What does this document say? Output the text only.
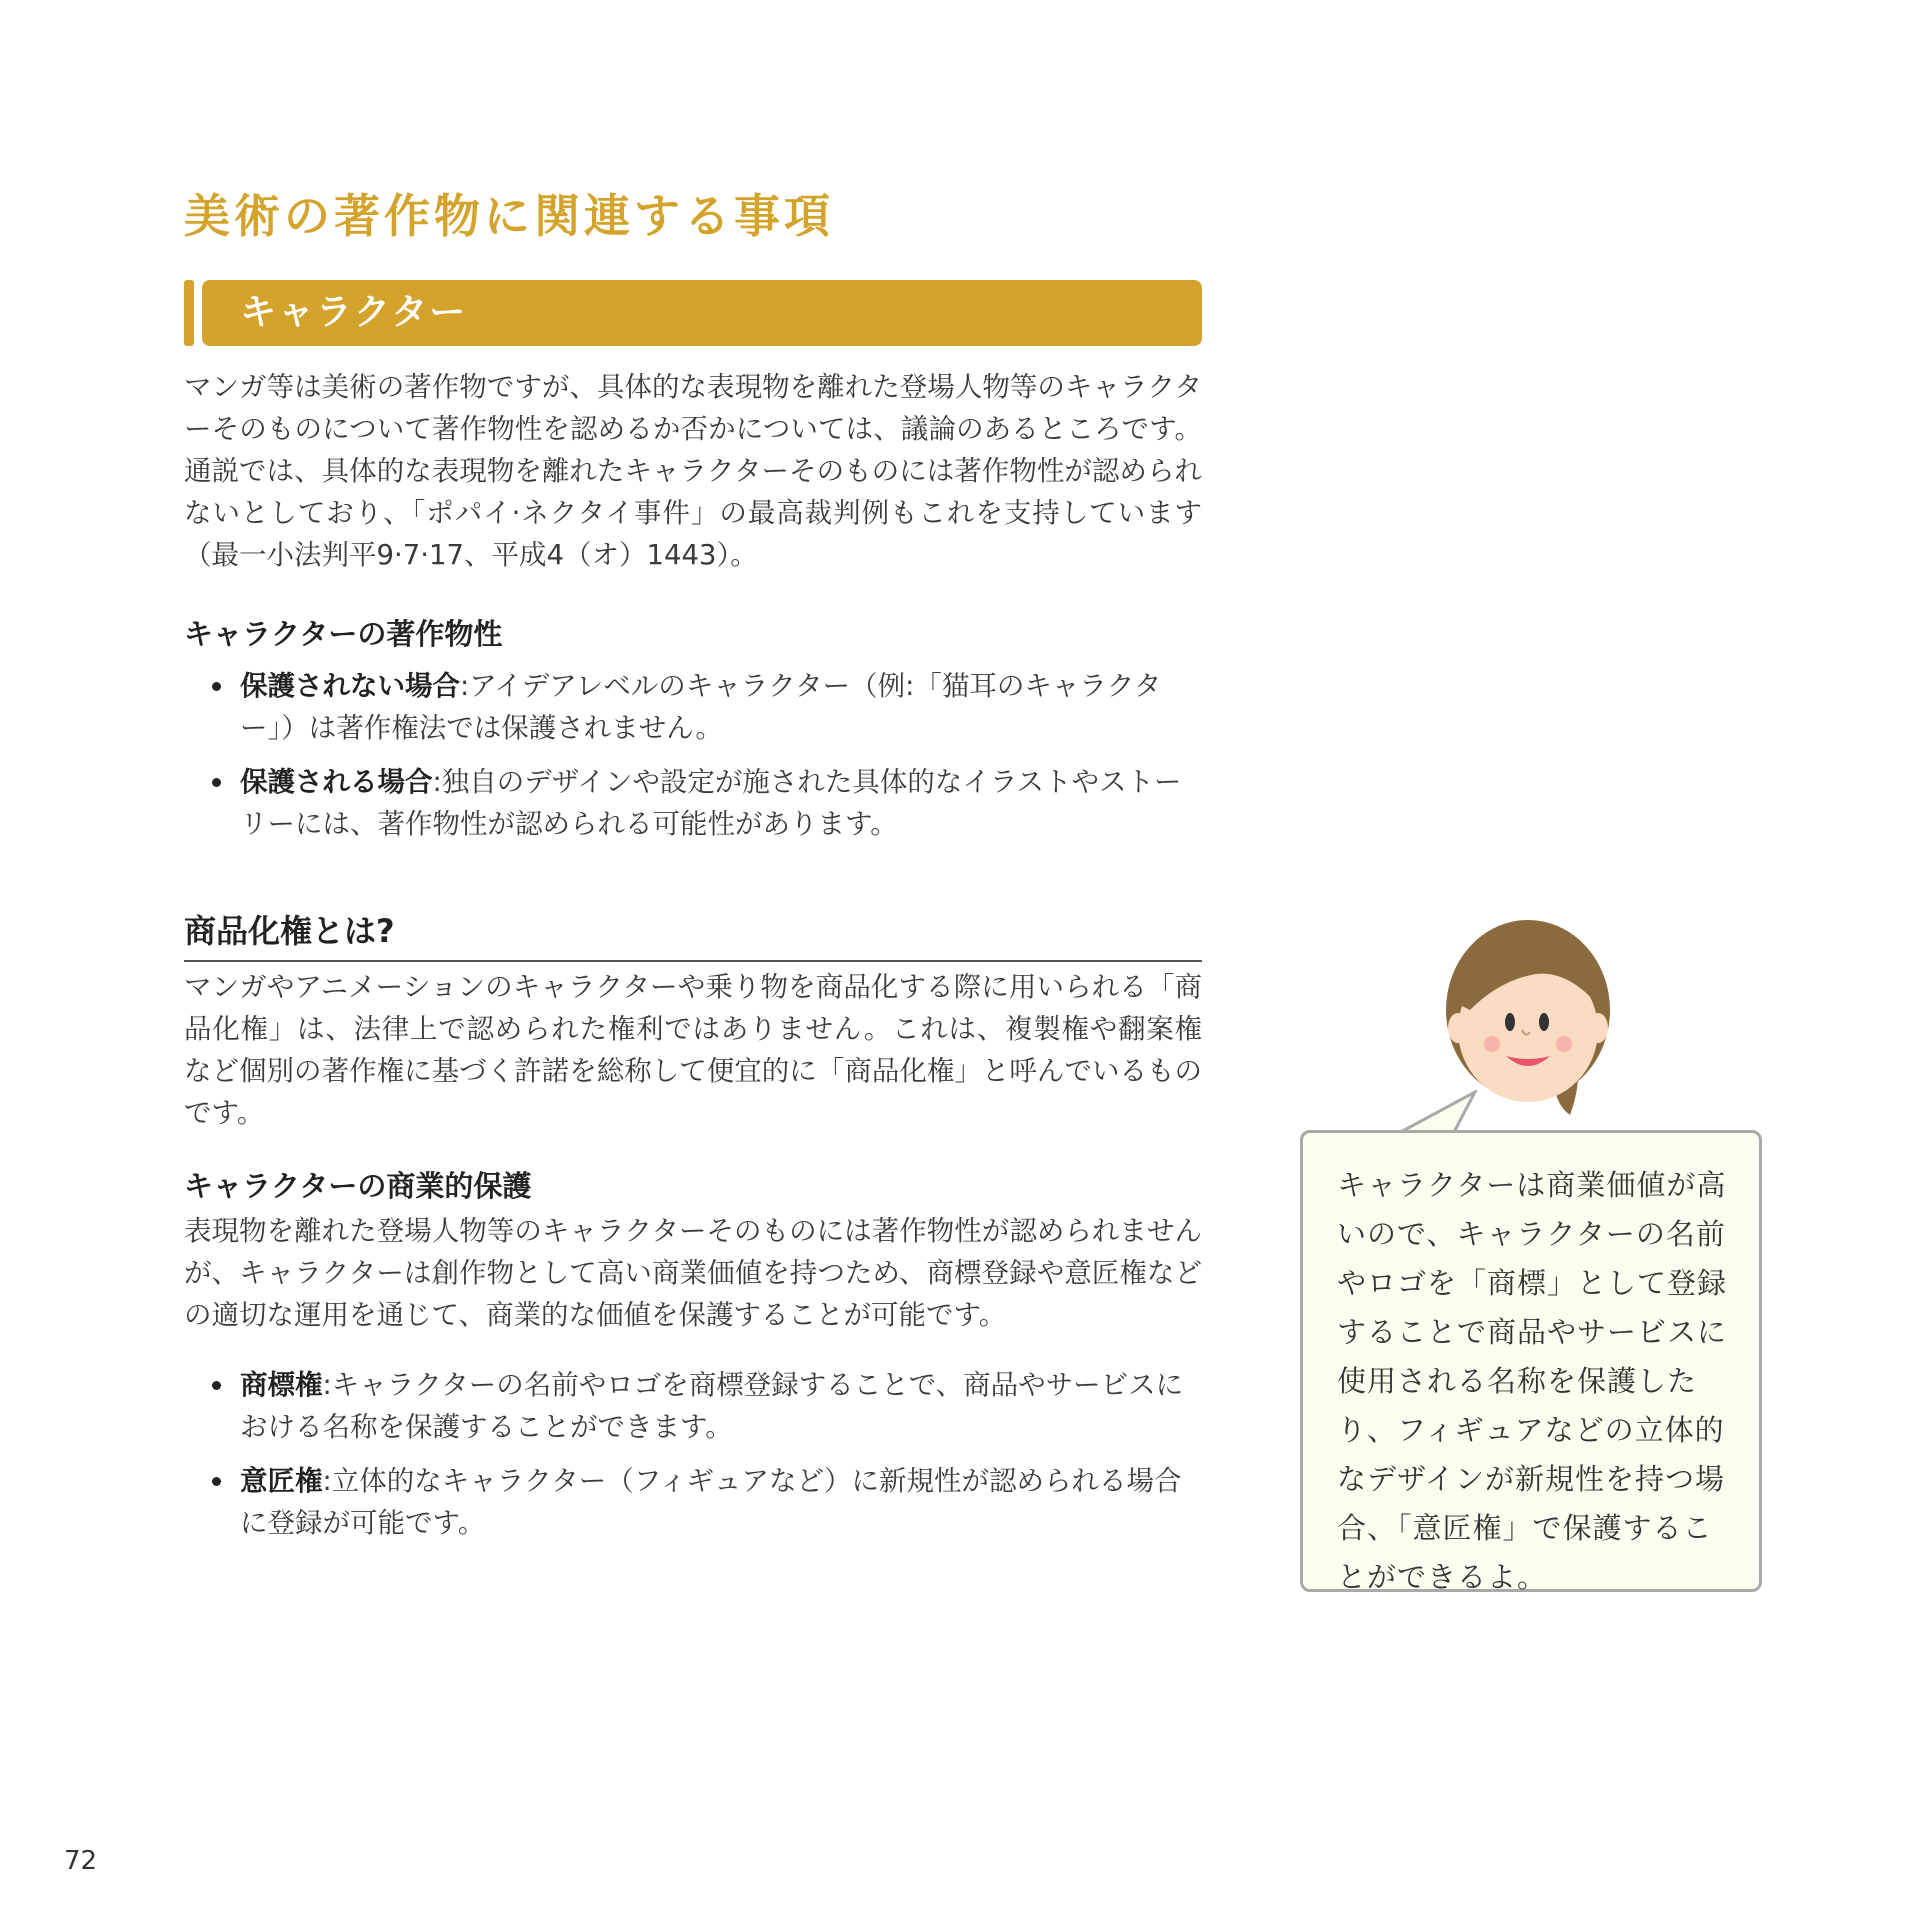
美術の著作物に関連する事項
キャラクター
マンガ等は美術の著作物ですが、具体的な表現物を離れた登場人物等のキャラクターそのものについて著作物性を認めるか否かについては、議論のあるところです。通説では、具体的な表現物を離れたキャラクターそのものには著作物性が認められないとしており、「ポパイ·ネクタイ事件」の最高裁判例もこれを支持しています（最一小法判平9·7·17、平成4（オ）1443）。
キャラクターの著作物性
保護されない場合:アイデアレベルのキャラクター（例:「猫耳のキャラクター」）は著作権法では保護されません。
保護される場合:独自のデザインや設定が施された具体的なイラストやストーリーには、著作物性が認められる可能性があります。
商品化権とは?
マンガやアニメーションのキャラクターや乗り物を商品化する際に用いられる「商品化権」は、法律上で認められた権利ではありません。これは、複製権や翻案権など個別の著作権に基づく許諾を総称して便宜的に「商品化権」と呼んでいるものです。
キャラクターの商業的保護
表現物を離れた登場人物等のキャラクターそのものには著作物性が認められませんが、キャラクターは創作物として高い商業価値を持つため、商標登録や意匠権などの適切な運用を通じて、商業的な価値を保護することが可能です。
商標権:キャラクターの名前やロゴを商標登録することで、商品やサービスにおける名称を保護することができます。
意匠権:立体的なキャラクター（フィギュアなど）に新規性が認められる場合に登録が可能です。
キャラクターは商業価値が高いので、キャラクターの名前やロゴを「商標」として登録することで商品やサービスに使用される名称を保護したり、フィギュアなどの立体的なデザインが新規性を持つ場合、「意匠権」で保護することができるよ。
72
